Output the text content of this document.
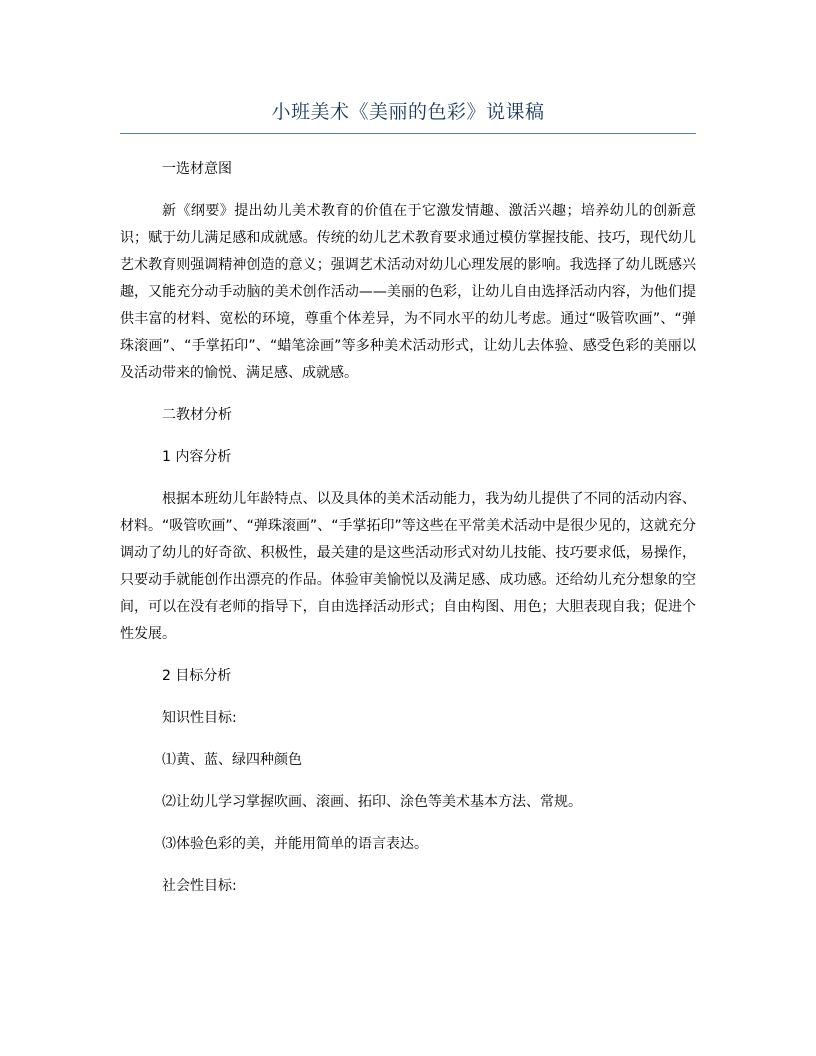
小班美术《美丽的色彩》说课稿

一选材意图

新《纲要》提出幼儿美术教育的价值在于它激发情趣、激活兴趣；培养幼儿的创新意识；赋于幼儿满足感和成就感。传统的幼儿艺术教育要求通过模仿掌握技能、技巧，现代幼儿艺术教育则强调精神创造的意义；强调艺术活动对幼儿心理发展的影响。我选择了幼儿既感兴趣，又能充分动手动脑的美术创作活动——美丽的色彩，让幼儿自由选择活动内容，为他们提供丰富的材料、宽松的环境，尊重个体差异，为不同水平的幼儿考虑。通过“吸管吹画”、“弹珠滚画”、“手掌拓印”、“蜡笔涂画”等多种美术活动形式，让幼儿去体验、感受色彩的美丽以及活动带来的愉悦、满足感、成就感。

二教材分析

1 内容分析

根据本班幼儿年龄特点、以及具体的美术活动能力，我为幼儿提供了不同的活动内容、材料。“吸管吹画”、“弹珠滚画”、“手掌拓印”等这些在平常美术活动中是很少见的，这就充分调动了幼儿的好奇欲、积极性，最关建的是这些活动形式对幼儿技能、技巧要求低，易操作，只要动手就能创作出漂亮的作品。体验审美愉悦以及满足感、成功感。还给幼儿充分想象的空间，可以在没有老师的指导下，自由选择活动形式；自由构图、用色；大胆表现自我；促进个性发展。

2 目标分析

知识性目标:

⑴黄、蓝、绿四种颜色

⑵让幼儿学习掌握吹画、滚画、拓印、涂色等美术基本方法、常规。

⑶体验色彩的美，并能用简单的语言表达。

社会性目标:
